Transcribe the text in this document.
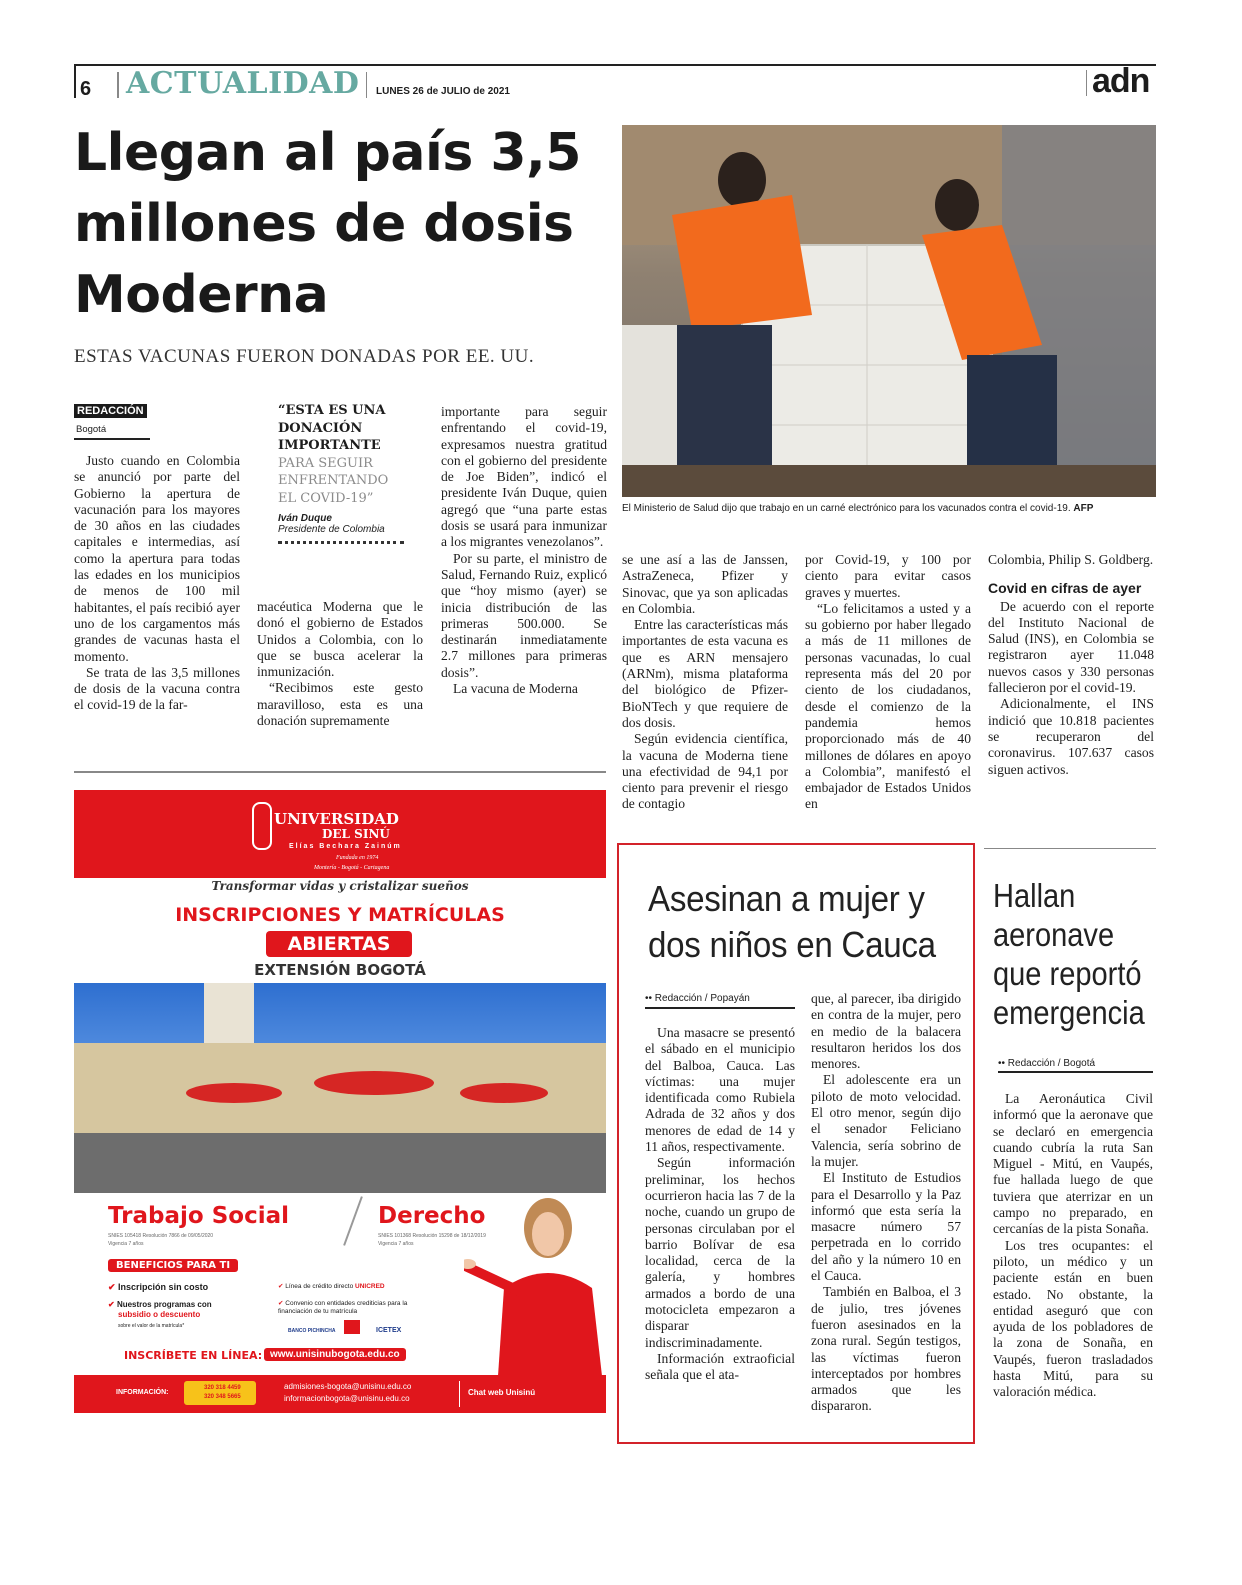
6 ACTUALIDAD LUNES 26 de JULIO de 2021	adn
Llegan al país 3,5 millones de dosis Moderna
ESTAS VACUNAS FUERON DONADAS POR EE. UU.
El Ministerio de Salud dijo que trabajo en un carné electrónico para los vacunados contra el covid-19. AFP
REDACCIÓN
Bogotá

Justo cuando en Colombia se anunció por parte del Gobierno la apertura de vacunación para los mayores de 30 años en las ciudades capitales e intermedias, así como la apertura para todas las edades en los municipios de menos de 100 mil habitantes, el país recibió ayer uno de los cargamentos más grandes de vacunas hasta el momento.

Se trata de las 3,5 millones de dosis de la vacuna contra el covid-19 de la far-

“ESTA ES UNA DONACIÓN IMPORTANTE
PARA SEGUIR ENFRENTANDO EL COVID-19”
Iván Duque
Presidente de Colombia

macéutica Moderna que le donó el gobierno de Estados Unidos a Colombia, con lo que se busca acelerar la inmunización.

“Recibimos este gesto maravilloso, esta es una donación supremamente

importante para seguir enfrentando el covid-19, expresamos nuestra gratitud con el gobierno del presidente de Joe Biden”, indicó el presidente Iván Duque, quien agregó que “una parte estas dosis se usará para inmunizar a los migrantes venezolanos”.

Por su parte, el ministro de Salud, Fernando Ruiz, explicó que “hoy mismo (ayer) se inicia distribución de las primeras 500.000. Se destinarán inmediatamente 2.7 millones para primeras dosis”.

La vacuna de Moderna

se une así a las de Janssen, AstraZeneca, Pfizer y Sinovac, que ya son aplicadas en Colombia.

Entre las características más importantes de esta vacuna es que es ARN mensajero (ARNm), misma plataforma del biológico de Pfizer-BioNTech y que requiere de dos dosis.

Según evidencia científica, la vacuna de Moderna tiene una efectividad de 94,1 por ciento para prevenir el riesgo de contagio

por Covid-19, y 100 por ciento para evitar casos graves y muertes.

“Lo felicitamos a usted y a su gobierno por haber llegado a más de 11 millones de personas vacunadas, lo cual representa más del 20 por ciento de los ciudadanos, desde el comienzo de la pandemia hemos proporcionado más de 40 millones de dólares en apoyo a Colombia”, manifestó el embajador de Estados Unidos en

Colombia, Philip S. Goldberg.

Covid en cifras de ayer

De acuerdo con el reporte del Instituto Nacional de Salud (INS), en Colombia se registraron ayer 11.048 nuevos casos y 330 personas fallecieron por el covid-19.

Adicionalmente, el INS indició que 10.818 pacientes se recuperaron del coronavirus. 107.637 casos siguen activos.

UNIVERSIDAD
DEL SINÚ
Elías Bechara Zainúm
Fundada en 1974
Montería - Bogotá - Cartagena
Transformar vidas y cristalizar sueños
INSCRIPCIONES Y MATRÍCULAS
ABIERTAS
EXTENSIÓN BOGOTÁ
Trabajo Social
SNIES 105418 Resolución 7866 de 09/05/2020
Vigencia 7 años
Derecho
SNIES 101368 Resolución 15298 de 18/12/2019
Vigencia 7 años
BENEFICIOS PARA TI
✔ Inscripción sin costo
✔ Nuestros programas con
subsidio o descuento
sobre el valor de la matrícula*
✔ Línea de crédito directo UNICRED
✔ Convenio con entidades crediticias para la financiación de tu matrícula
BANCO PICHINCHA	ICETEX
INSCRÍBETE EN LÍNEA: www.unisinubogota.edu.co
INFORMACIÓN:
320 318 4459
320 348 5665
admisiones-bogota@unisinu.edu.co
informacionbogota@unisinu.edu.co
Chat web Unisinú
Asesinan a mujer y dos niños en Cauca
•• Redacción / Popayán

Una masacre se presentó el sábado en el municipio del Balboa, Cauca. Las víctimas: una mujer identificada como Rubiela Adrada de 32 años y dos menores de edad de 14 y 11 años, respectivamente.

Según información preliminar, los hechos ocurrieron hacia las 7 de la noche, cuando un grupo de personas circulaban por el barrio Bolívar de esa localidad, cerca de la galería, y hombres armados a bordo de una motocicleta empezaron a disparar indiscriminadamente.

Información extraoficial señala que el ata-

que, al parecer, iba dirigido en contra de la mujer, pero en medio de la balacera resultaron heridos los dos menores.

El adolescente era un piloto de moto velocidad. El otro menor, según dijo el senador Feliciano Valencia, sería sobrino de la mujer.

El Instituto de Estudios para el Desarrollo y la Paz informó que esta sería la masacre número 57 perpetrada en lo corrido del año y la número 10 en el Cauca.

También en Balboa, el 3 de julio, tres jóvenes fueron asesinados en la zona rural. Según testigos, las víctimas fueron interceptados por hombres armados que les dispararon.

Hallan aeronave que reportó emergencia
•• Redacción / Bogotá

La Aeronáutica Civil informó que la aeronave que se declaró en emergencia cuando cubría la ruta San Miguel - Mitú, en Vaupés, fue hallada luego de que tuviera que aterrizar en un campo no preparado, en cercanías de la pista Sonaña.

Los tres ocupantes: el piloto, un médico y un paciente están en buen estado. No obstante, la entidad aseguró que con ayuda de los pobladores de la zona de Sonaña, en Vaupés, fueron trasladados hasta Mitú, para su valoración médica.
